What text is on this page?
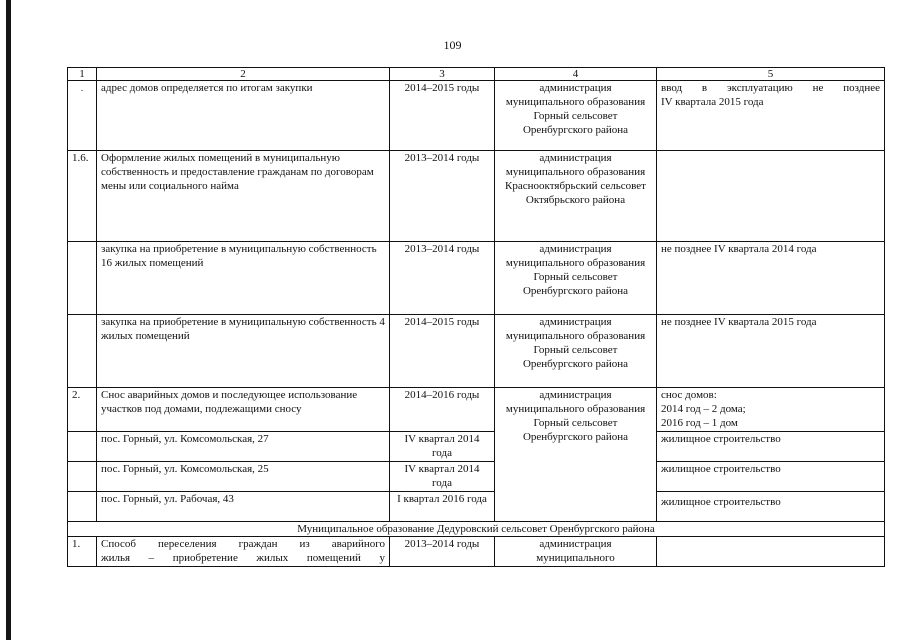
109
1	2	3	4	5
.	адрес домов определяется по итогам закупки	2014–2015 годы	администрация муниципального образования Горный сельсовет Оренбургского района	ввод в эксплуатацию не позднее
IV квартала 2015 года

1.6.	Оформление жилых помещений в муниципальную собственность и предоставление гражданам по договорам мены или социального найма	2013–2014 годы	администрация муниципального образования Краснооктябрьский сельсовет Октябрьского района	
	закупка на приобретение в муниципальную собственность 16 жилых помещений	2013–2014 годы	администрация муниципального образования Горный сельсовет Оренбургского района	не позднее IV квартала 2014 года
	закупка на приобретение в муниципальную собственность 4 жилых помещений	2014–2015 годы	администрация муниципального образования Горный сельсовет Оренбургского района	не позднее IV квартала 2015 года
2.	Снос аварийных домов и последующее использование участков под домами, подлежащими сносу	2014–2016 годы	администрация муниципального образования Горный сельсовет Оренбургского района	снос домов:
2014 год – 2 дома;
2016 год – 1 дом

	пос. Горный, ул. Комсомольская, 27	IV квартал 2014 года		жилищное строительство
	пос. Горный, ул. Комсомольская, 25	IV квартал 2014 года		жилищное строительство
	пос. Горный, ул. Рабочая, 43	I квартал 2016 года		жилищное строительство
Муниципальное образование Дедуровский сельсовет Оренбургского района				
1.	Способ переселения граждан из аварийного
жилья – приобретение жилых помещений у	2013–2014 годы	администрация муниципального	
